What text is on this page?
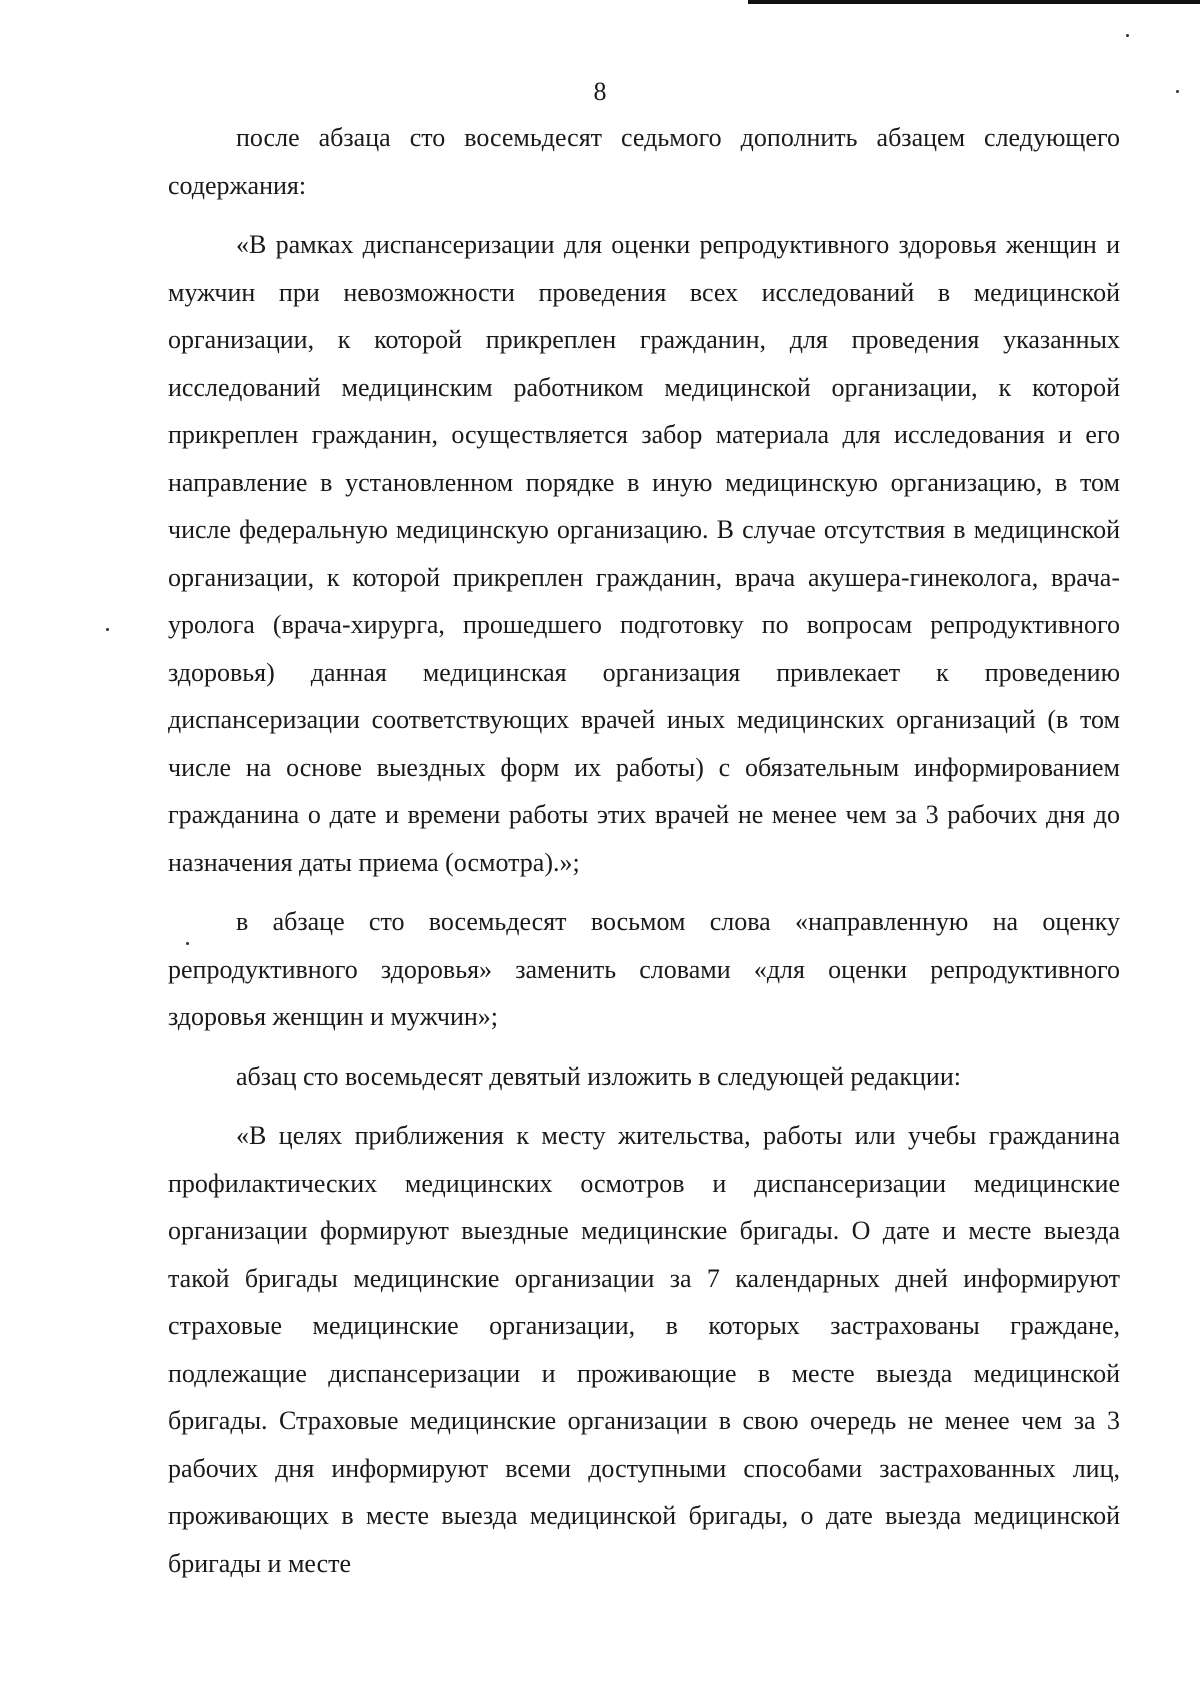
8

после абзаца сто восемьдесят седьмого дополнить абзацем следующего содержания:

«В рамках диспансеризации для оценки репродуктивного здоровья женщин и мужчин при невозможности проведения всех исследований в медицинской организации, к которой прикреплен гражданин, для проведения указанных исследований медицинским работником медицинской организации, к которой прикреплен гражданин, осуществляется забор материала для исследования и его направление в установленном порядке в иную медицинскую организацию, в том числе федеральную медицинскую организацию. В случае отсутствия в медицинской организации, к которой прикреплен гражданин, врача акушера-гинеколога, врача-уролога (врача-хирурга, прошедшего подготовку по вопросам репродуктивного здоровья) данная медицинская организация привлекает к проведению диспансеризации соответствующих врачей иных медицинских организаций (в том числе на основе выездных форм их работы) с обязательным информированием гражданина о дате и времени работы этих врачей не менее чем за 3 рабочих дня до назначения даты приема (осмотра).»;

в абзаце сто восемьдесят восьмом слова «направленную на оценку репродуктивного здоровья» заменить словами «для оценки репродуктивного здоровья женщин и мужчин»;

абзац сто восемьдесят девятый изложить в следующей редакции:

«В целях приближения к месту жительства, работы или учебы гражданина профилактических медицинских осмотров и диспансеризации медицинские организации формируют выездные медицинские бригады. О дате и месте выезда такой бригады медицинские организации за 7 календарных дней информируют страховые медицинские организации, в которых застрахованы граждане, подлежащие диспансеризации и проживающие в месте выезда медицинской бригады. Страховые медицинские организации в свою очередь не менее чем за 3 рабочих дня информируют всеми доступными способами застрахованных лиц, проживающих в месте выезда медицинской бригады, о дате выезда медицинской бригады и месте
